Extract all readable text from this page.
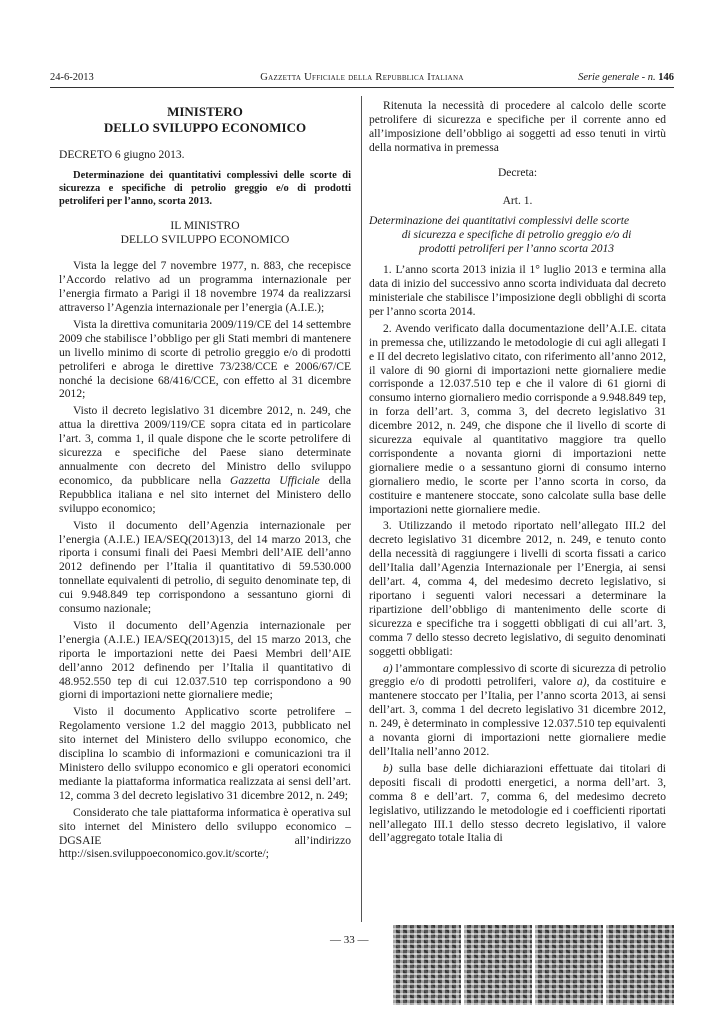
24-6-2013	Gazzetta Ufficiale della Repubblica Italiana	Serie generale - n. 146
MINISTERO
DELLO SVILUPPO ECONOMICO
DECRETO 6 giugno 2013.
Determinazione dei quantitativi complessivi delle scorte di sicurezza e specifiche di petrolio greggio e/o di prodotti petroliferi per l’anno, scorta 2013.
IL MINISTRO
DELLO SVILUPPO ECONOMICO

Vista la legge del 7 novembre 1977, n. 883, che recepisce l’Accordo relativo ad un programma internazionale per l’energia firmato a Parigi il 18 novembre 1974 da realizzarsi attraverso l’Agenzia internazionale per l’energia (A.I.E.);

Vista la direttiva comunitaria 2009/119/CE del 14 settembre 2009 che stabilisce l’obbligo per gli Stati membri di mantenere un livello minimo di scorte di petrolio greggio e/o di prodotti petroliferi e abroga le direttive 73/238/CCE e 2006/67/CE nonché la decisione 68/416/CCE, con effetto al 31 dicembre 2012;

Visto il decreto legislativo 31 dicembre 2012, n. 249, che attua la direttiva 2009/119/CE sopra citata ed in particolare l’art. 3, comma 1, il quale dispone che le scorte petrolifere di sicurezza e specifiche del Paese siano determinate annualmente con decreto del Ministro dello sviluppo economico, da pubblicare nella Gazzetta Ufficiale della Repubblica italiana e nel sito internet del Ministero dello sviluppo economico;

Visto il documento dell’Agenzia internazionale per l’energia (A.I.E.) IEA/SEQ(2013)13, del 14 marzo 2013, che riporta i consumi finali dei Paesi Membri dell’AIE dell’anno 2012 definendo per l’Italia il quantitativo di 59.530.000 tonnellate equivalenti di petrolio, di seguito denominate tep, di cui 9.948.849 tep corrispondono a sessantuno giorni di consumo nazionale;

Visto il documento dell’Agenzia internazionale per l’energia (A.I.E.) IEA/SEQ(2013)15, del 15 marzo 2013, che riporta le importazioni nette dei Paesi Membri dell’AIE dell’anno 2012 definendo per l’Italia il quantitativo di 48.952.550 tep di cui 12.037.510 tep corrispondono a 90 giorni di importazioni nette giornaliere medie;

Visto il documento Applicativo scorte petrolifere – Regolamento versione 1.2 del maggio 2013, pubblicato nel sito internet del Ministero dello sviluppo economico, che disciplina lo scambio di informazioni e comunicazioni tra il Ministero dello sviluppo economico e gli operatori economici mediante la piattaforma informatica realizzata ai sensi dell’art. 12, comma 3 del decreto legislativo 31 dicembre 2012, n. 249;

Considerato che tale piattaforma informatica è operativa sul sito internet del Ministero dello sviluppo economico – DGSAIE all’indirizzo http://sisen.sviluppoeconomico.gov.it/scorte/;

Ritenuta la necessità di procedere al calcolo delle scorte petrolifere di sicurezza e specifiche per il corrente anno ed all’imposizione dell’obbligo ai soggetti ad esso tenuti in virtù della normativa in premessa

Decreta:
Art. 1.

Determinazione dei quantitativi complessivi delle scorte
di sicurezza e specifiche di petrolio greggio e/o di
prodotti petroliferi per l’anno scorta 2013

1. L’anno scorta 2013 inizia il 1° luglio 2013 e termina alla data di inizio del successivo anno scorta individuata dal decreto ministeriale che stabilisce l’imposizione degli obblighi di scorta per l’anno scorta 2014.

2. Avendo verificato dalla documentazione dell’A.I.E. citata in premessa che, utilizzando le metodologie di cui agli allegati I e II del decreto legislativo citato, con riferimento all’anno 2012, il valore di 90 giorni di importazioni nette giornaliere medie corrisponde a 12.037.510 tep e che il valore di 61 giorni di consumo interno giornaliero medio corrisponde a 9.948.849 tep, in forza dell’art. 3, comma 3, del decreto legislativo 31 dicembre 2012, n. 249, che dispone che il livello di scorte di sicurezza equivale al quantitativo maggiore tra quello corrispondente a novanta giorni di importazioni nette giornaliere medie o a sessantuno giorni di consumo interno giornaliero medio, le scorte per l’anno scorta in corso, da costituire e mantenere stoccate, sono calcolate sulla base delle importazioni nette giornaliere medie.

3. Utilizzando il metodo riportato nell’allegato III.2 del decreto legislativo 31 dicembre 2012, n. 249, e tenuto conto della necessità di raggiungere i livelli di scorta fissati a carico dell’Italia dall’Agenzia Internazionale per l’Energia, ai sensi dell’art. 4, comma 4, del medesimo decreto legislativo, si riportano i seguenti valori necessari a determinare la ripartizione dell’obbligo di mantenimento delle scorte di sicurezza e specifiche tra i soggetti obbligati di cui all’art. 3, comma 7 dello stesso decreto legislativo, di seguito denominati soggetti obbligati:

a) l’ammontare complessivo di scorte di sicurezza di petrolio greggio e/o di prodotti petroliferi, valore a), da costituire e mantenere stoccato per l’Italia, per l’anno scorta 2013, ai sensi dell’art. 3, comma 1 del decreto legislativo 31 dicembre 2012, n. 249, è determinato in complessive 12.037.510 tep equivalenti a novanta giorni di importazioni nette giornaliere medie dell’Italia nell’anno 2012.

b) sulla base delle dichiarazioni effettuate dai titolari di depositi fiscali di prodotti energetici, a norma dell’art. 3, comma 8 e dell’art. 7, comma 6, del medesimo decreto legislativo, utilizzando le metodologie ed i coefficienti riportati nell’allegato III.1 dello stesso decreto legislativo, il valore dell’aggregato totale Italia di

— 33 —
